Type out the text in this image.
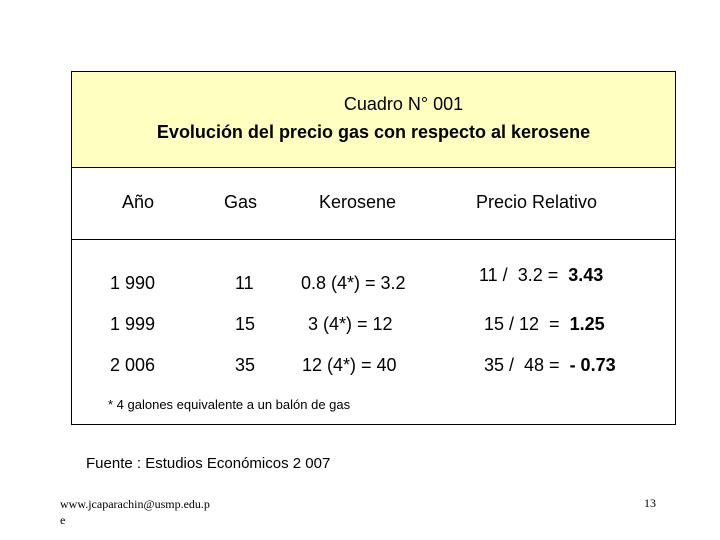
Cuadro N° 001
Evolución del precio gas con respecto al kerosene
Año	Gas	Kerosene	Precio Relativo
1 990	11	0.8 (4*) = 3.2	11 /  3.2 =  3.43
1 999	15	3 (4*) = 12	15 / 12  =  1.25
2 006	35	12 (4*) = 40	35 /  48 =  - 0.73
* 4 galones equivalente a un balón de gas
Fuente : Estudios Económicos 2 007
www.jcaparachin@usmp.edu.pe
13
